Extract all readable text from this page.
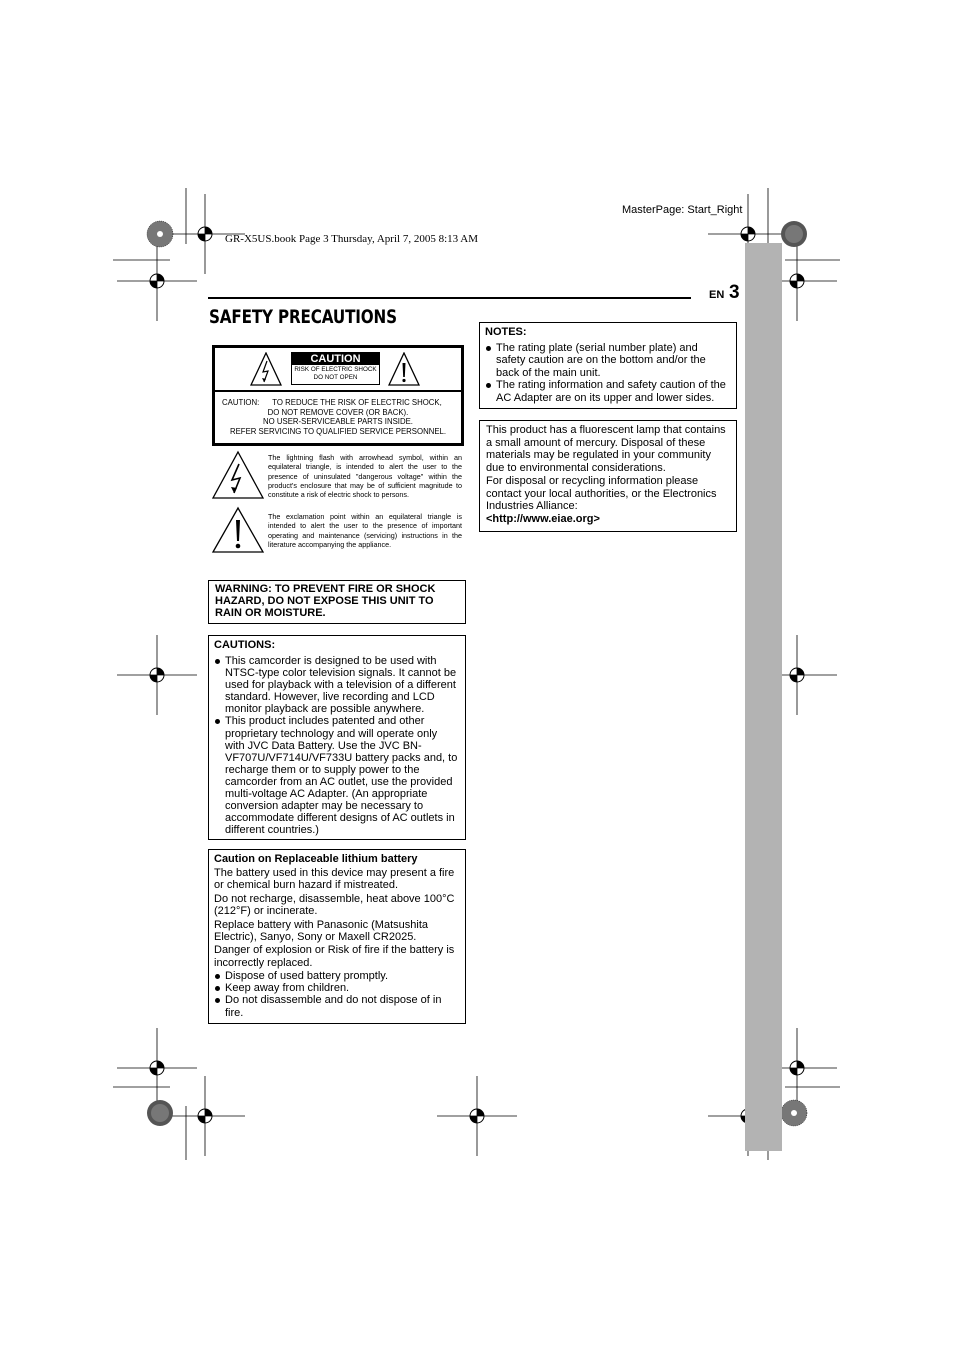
MasterPage: Start_Right
GR-X5US.book Page 3 Thursday, April 7, 2005 8:13 AM
EN 3
SAFETY PRECAUTIONS
CAUTION
RISK OF ELECTRIC SHOCK
DO NOT OPEN
CAUTION: TO REDUCE THE RISK OF ELECTRIC SHOCK,
DO NOT REMOVE COVER (OR BACK).
NO USER-SERVICEABLE PARTS INSIDE.
REFER SERVICING TO QUALIFIED SERVICE PERSONNEL.
The lightning flash with arrowhead symbol, within an equilateral triangle, is intended to alert the user to the presence of uninsulated "dangerous voltage" within the product's enclosure that may be of sufficient magnitude to constitute a risk of electric shock to persons.
The exclamation point within an equilateral triangle is intended to alert the user to the presence of important operating and maintenance (servicing) instructions in the literature accompanying the appliance.
WARNING: TO PREVENT FIRE OR SHOCK HAZARD, DO NOT EXPOSE THIS UNIT TO RAIN OR MOISTURE.
CAUTIONS:
This camcorder is designed to be used with NTSC-type color television signals. It cannot be used for playback with a television of a different standard. However, live recording and LCD monitor playback are possible anywhere.
This product includes patented and other proprietary technology and will operate only with JVC Data Battery. Use the JVC BN-VF707U/VF714U/VF733U battery packs and, to recharge them or to supply power to the camcorder from an AC outlet, use the provided multi-voltage AC Adapter. (An appropriate conversion adapter may be necessary to accommodate different designs of AC outlets in different countries.)
Caution on Replaceable lithium battery
The battery used in this device may present a fire or chemical burn hazard if mistreated.
Do not recharge, disassemble, heat above 100°C (212°F) or incinerate.
Replace battery with Panasonic (Matsushita Electric), Sanyo, Sony or Maxell CR2025.
Danger of explosion or Risk of fire if the battery is incorrectly replaced.
Dispose of used battery promptly.
Keep away from children.
Do not disassemble and do not dispose of in fire.
NOTES:
The rating plate (serial number plate) and safety caution are on the bottom and/or the back of the main unit.
The rating information and safety caution of the AC Adapter are on its upper and lower sides.
This product has a fluorescent lamp that contains a small amount of mercury. Disposal of these materials may be regulated in your community due to environmental considerations.
For disposal or recycling information please contact your local authorities, or the Electronics Industries Alliance:
<http://www.eiae.org>
